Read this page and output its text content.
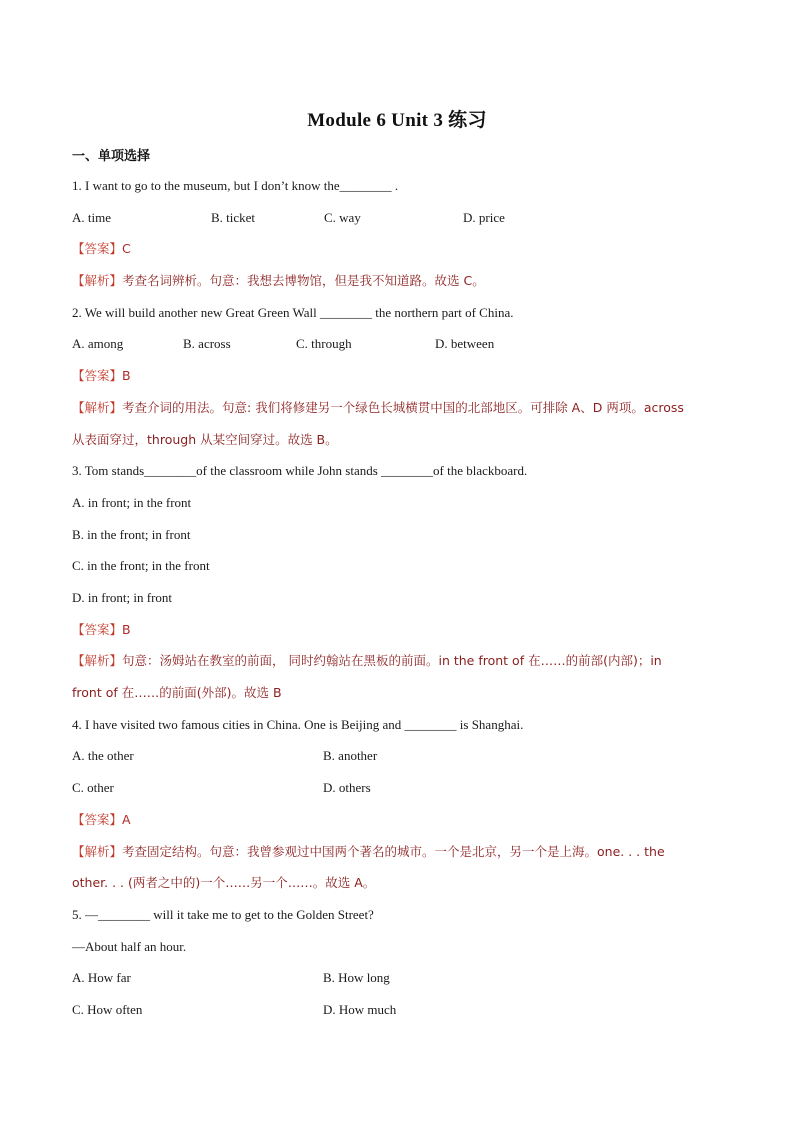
Module 6 Unit 3 练习
一、单项选择
1. I want to go to the museum, but I don’t know the________ .
A. time	B. ticket	C. way	D. price
【答案】C
【解析】考查名词辨析。句意：我想去博物馆，但是我不知道路。故选 C。
2. We will build another new Great Green Wall ________ the northern part of China.
A. among	B. across	C. through	D. between
【答案】B
【解析】考查介词的用法。句意: 我们将修建另一个绿色长城横贯中国的北部地区。可排除 A、D 两项。across
从表面穿过，through 从某空间穿过。故选 B。
3. Tom stands________of the classroom while John stands ________of the blackboard.
A. in front; in the front
B. in the front; in front
C. in the front; in the front
D. in front; in front
【答案】B
【解析】句意：汤姆站在教室的前面， 同时约翰站在黑板的前面。in the front of 在……的前部(内部)；in
front of 在……的前面(外部)。故选 B
4. I have visited two famous cities in China. One is Beijing and ________ is Shanghai.
A. the other	B. another
C. other	D. others
【答案】A
【解析】考查固定结构。句意：我曾参观过中国两个著名的城市。一个是北京，另一个是上海。one. . . the
other. . . (两者之中的)一个……另一个……。故选 A。
5. —________ will it take me to get to the Golden Street?
—About half an hour.
A. How far	B. How long
C. How often	D. How much
